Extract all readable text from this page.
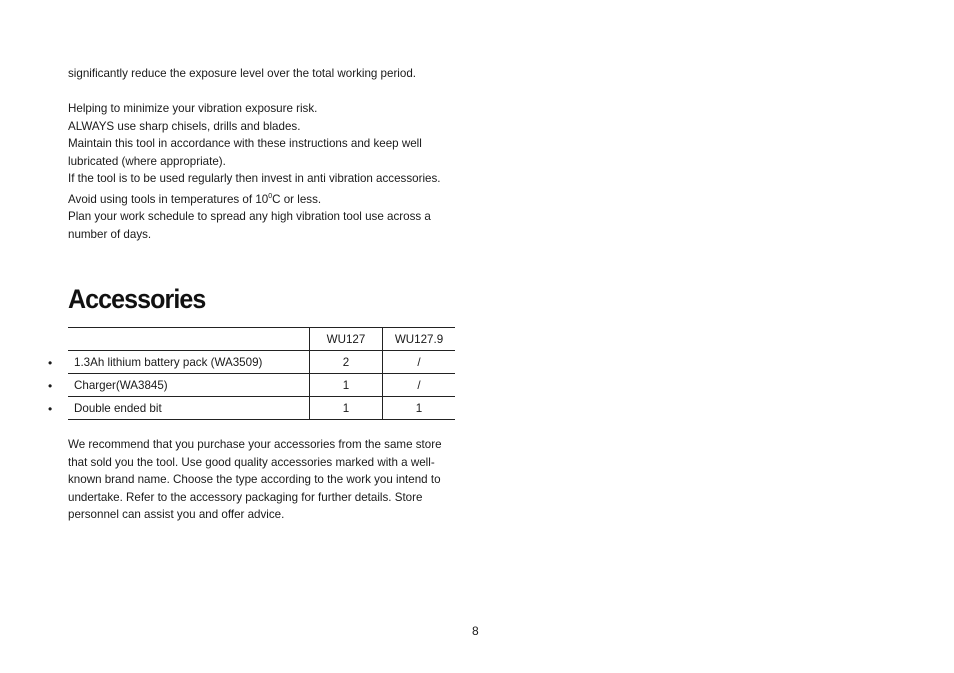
significantly reduce the exposure level over the total working period.

Helping to minimize your vibration exposure risk.

ALWAYS use sharp chisels, drills and blades.

Maintain this tool in accordance with these instructions and keep well lubricated (where appropriate).

If the tool is to be used regularly then invest in anti vibration accessories.

Avoid using tools in temperatures of $10^0C$ or less.

Plan your work schedule to spread any high vibration tool use across a number of days.

Accessories
•
•
•
	WU127	WU127.9
1.3Ah lithium battery pack (WA3509)	2	/
Charger(WA3845)	1	/
Double ended bit	1	1

We recommend that you purchase your accessories from the same store that sold you the tool. Use good quality accessories marked with a well-known brand name. Choose the type according to the work you intend to undertake. Refer to the accessory packaging for further details. Store personnel can assist you and offer advice.

8
